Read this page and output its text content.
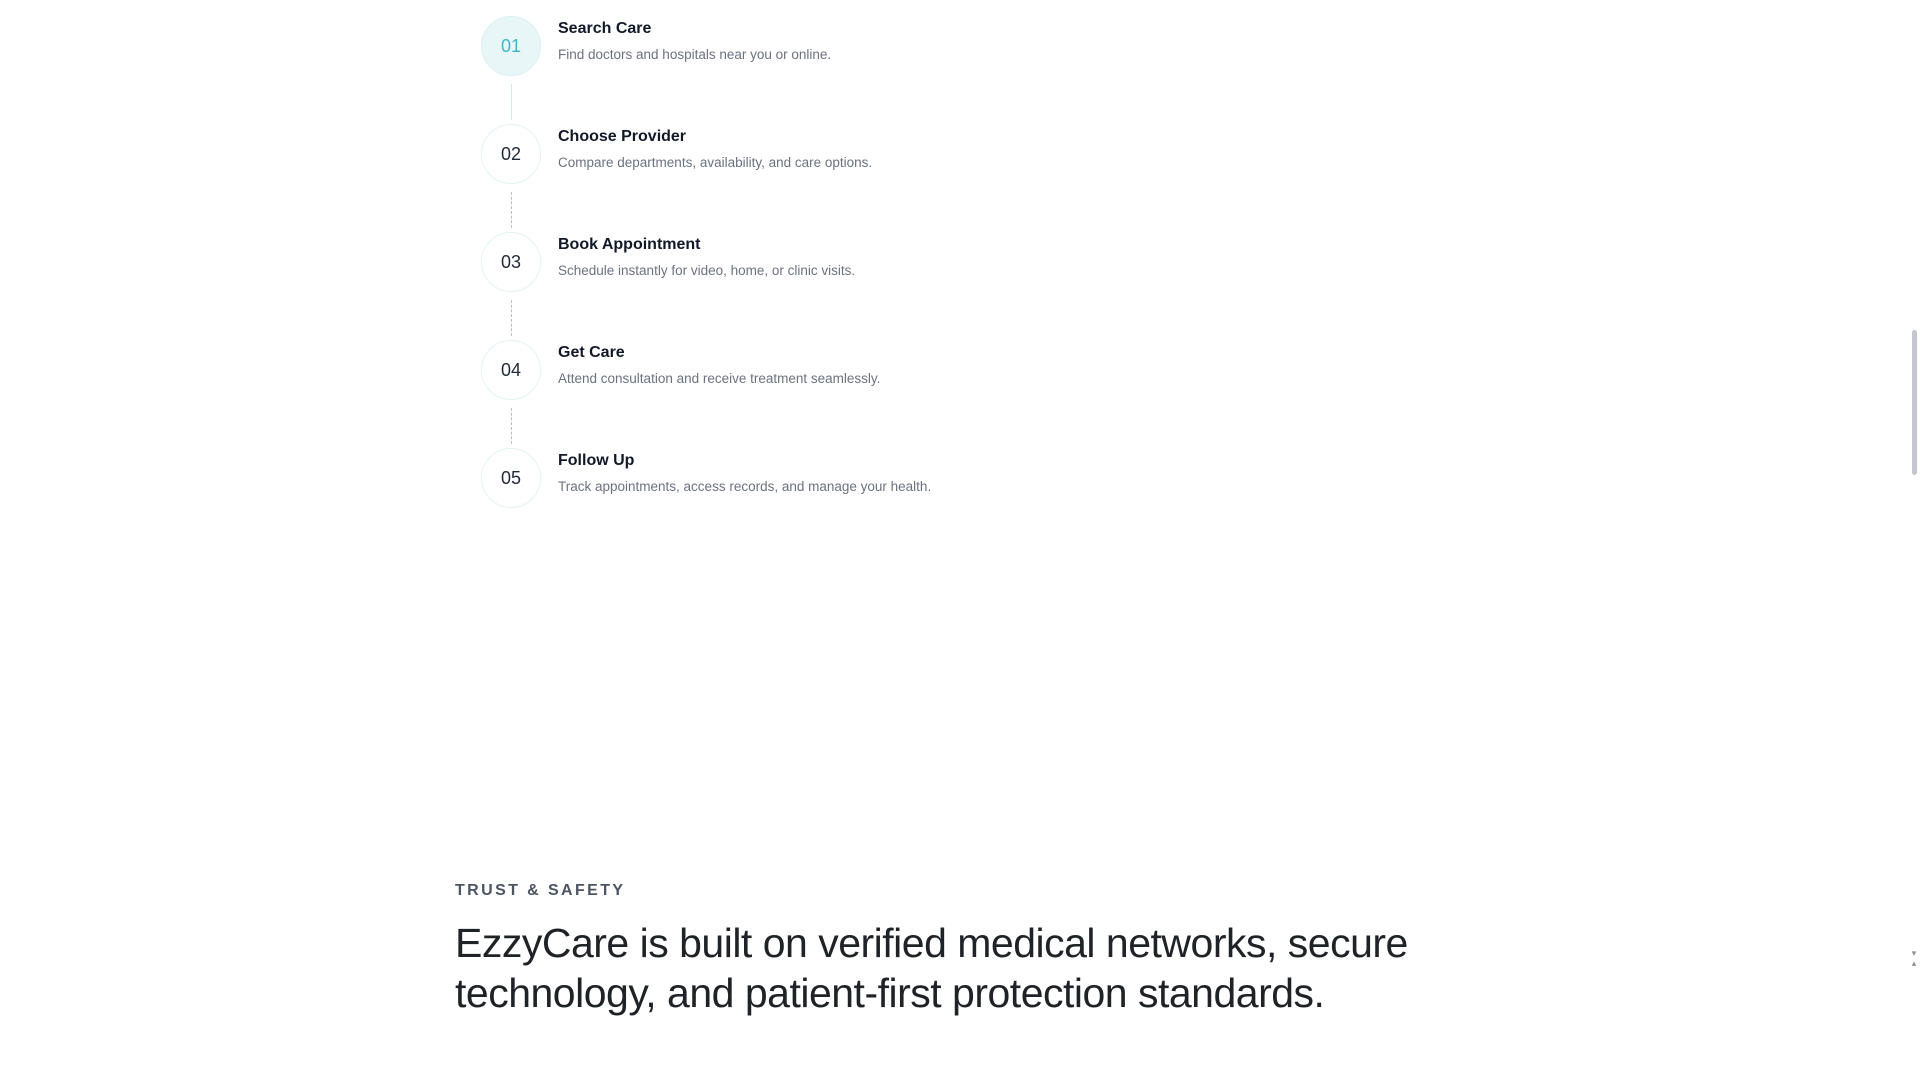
01
Search Care
Find doctors and hospitals near you or online.
02
Choose Provider
Compare departments, availability, and care options.
03
Book Appointment
Schedule instantly for video, home, or clinic visits.
04
Get Care
Attend consultation and receive treatment seamlessly.
05
Follow Up
Track appointments, access records, and manage your health.
TRUST & SAFETY
EzzyCare is built on verified medical networks, secure technology, and patient-first protection standards.
▾
▴
